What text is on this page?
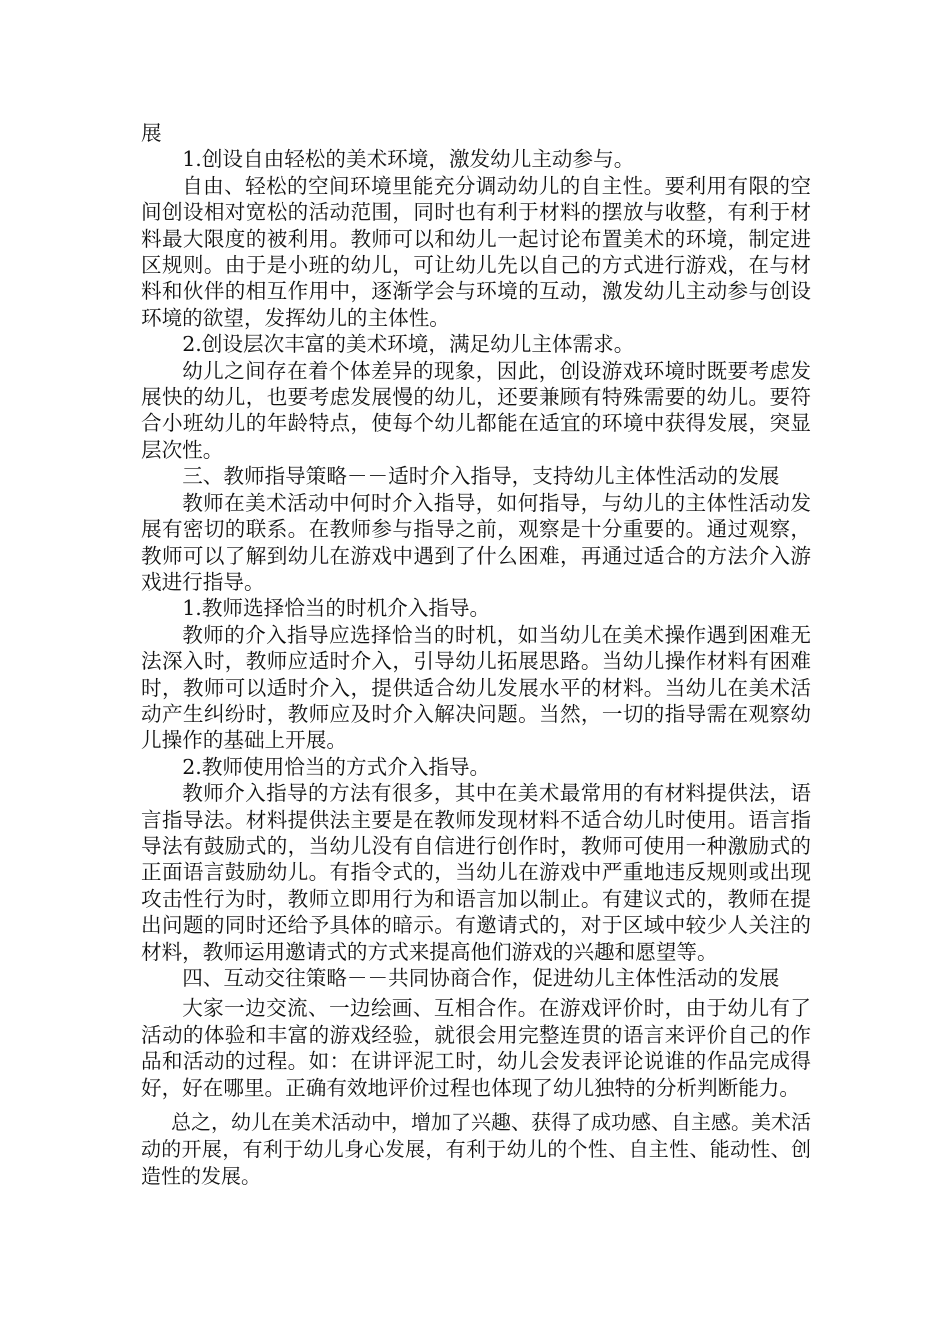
展

1.创设自由轻松的美术环境，激发幼儿主动参与。

自由、轻松的空间环境里能充分调动幼儿的自主性。要利用有限的空间创设相对宽松的活动范围，同时也有利于材料的摆放与收整，有利于材料最大限度的被利用。教师可以和幼儿一起讨论布置美术的环境，制定进区规则。由于是小班的幼儿，可让幼儿先以自己的方式进行游戏，在与材料和伙伴的相互作用中，逐渐学会与环境的互动，激发幼儿主动参与创设环境的欲望，发挥幼儿的主体性。

2.创设层次丰富的美术环境，满足幼儿主体需求。

幼儿之间存在着个体差异的现象，因此，创设游戏环境时既要考虑发展快的幼儿，也要考虑发展慢的幼儿，还要兼顾有特殊需要的幼儿。要符合小班幼儿的年龄特点，使每个幼儿都能在适宜的环境中获得发展，突显层次性。

三、教师指导策略－－适时介入指导，支持幼儿主体性活动的发展

教师在美术活动中何时介入指导，如何指导，与幼儿的主体性活动发展有密切的联系。在教师参与指导之前，观察是十分重要的。通过观察，教师可以了解到幼儿在游戏中遇到了什么困难，再通过适合的方法介入游戏进行指导。

1.教师选择恰当的时机介入指导。

教师的介入指导应选择恰当的时机，如当幼儿在美术操作遇到困难无法深入时，教师应适时介入，引导幼儿拓展思路。当幼儿操作材料有困难时，教师可以适时介入，提供适合幼儿发展水平的材料。当幼儿在美术活动产生纠纷时，教师应及时介入解决问题。当然，一切的指导需在观察幼儿操作的基础上开展。

2.教师使用恰当的方式介入指导。

教师介入指导的方法有很多，其中在美术最常用的有材料提供法，语言指导法。材料提供法主要是在教师发现材料不适合幼儿时使用。语言指导法有鼓励式的，当幼儿没有自信进行创作时，教师可使用一种激励式的正面语言鼓励幼儿。有指令式的，当幼儿在游戏中严重地违反规则或出现攻击性行为时，教师立即用行为和语言加以制止。有建议式的，教师在提出问题的同时还给予具体的暗示。有邀请式的，对于区域中较少人关注的材料，教师运用邀请式的方式来提高他们游戏的兴趣和愿望等。

四、互动交往策略－－共同协商合作，促进幼儿主体性活动的发展

大家一边交流、一边绘画、互相合作。在游戏评价时，由于幼儿有了活动的体验和丰富的游戏经验，就很会用完整连贯的语言来评价自己的作品和活动的过程。如：在讲评泥工时，幼儿会发表评论说谁的作品完成得好，好在哪里。正确有效地评价过程也体现了幼儿独特的分析判断能力。

总之，幼儿在美术活动中，增加了兴趣、获得了成功感、自主感。美术活动的开展，有利于幼儿身心发展，有利于幼儿的个性、自主性、能动性、创造性的发展。
